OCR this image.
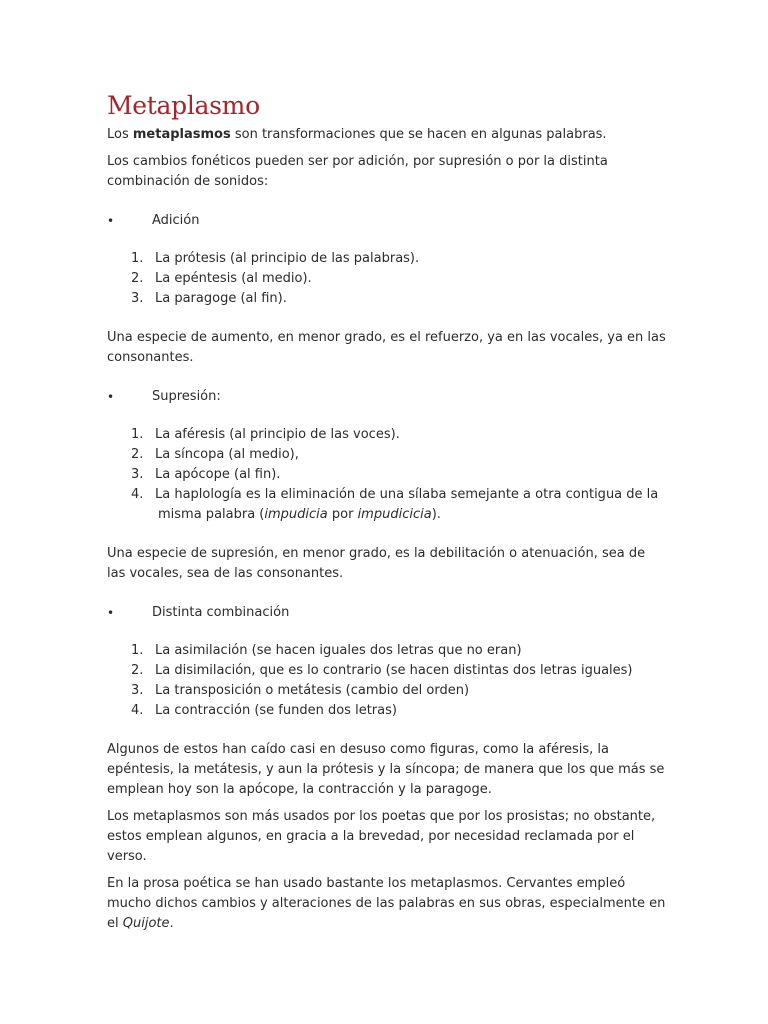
Metaplasmo

Los metaplasmos son transformaciones que se hacen en algunas palabras.

Los cambios fonéticos pueden ser por adición, por supresión o por la distinta combinación de sonidos:

•	Adición
1. La prótesis (al principio de las palabras).
2. La epéntesis (al medio).
3. La paragoge (al fin).

Una especie de aumento, en menor grado, es el refuerzo, ya en las vocales, ya en las consonantes.

•	Supresión:
1. La aféresis (al principio de las voces).
2. La síncopa (al medio),
3. La apócope (al fin).
4. La haplología es la eliminación de una sílaba semejante a otra contigua de la
misma palabra (impudicia por impudicicia).

Una especie de supresión, en menor grado, es la debilitación o atenuación, sea de las vocales, sea de las consonantes.

•	Distinta combinación
1. La asimilación (se hacen iguales dos letras que no eran)
2. La disimilación, que es lo contrario (se hacen distintas dos letras iguales)
3. La transposición o metátesis (cambio del orden)
4. La contracción (se funden dos letras)

Algunos de estos han caído casi en desuso como figuras, como la aféresis, la epéntesis, la metátesis, y aun la prótesis y la síncopa; de manera que los que más se emplean hoy son la apócope, la contracción y la paragoge.

Los metaplasmos son más usados por los poetas que por los prosistas; no obstante, estos emplean algunos, en gracia a la brevedad, por necesidad reclamada por el verso.

En la prosa poética se han usado bastante los metaplasmos. Cervantes empleó mucho dichos cambios y alteraciones de las palabras en sus obras, especialmente en el Quijote.
